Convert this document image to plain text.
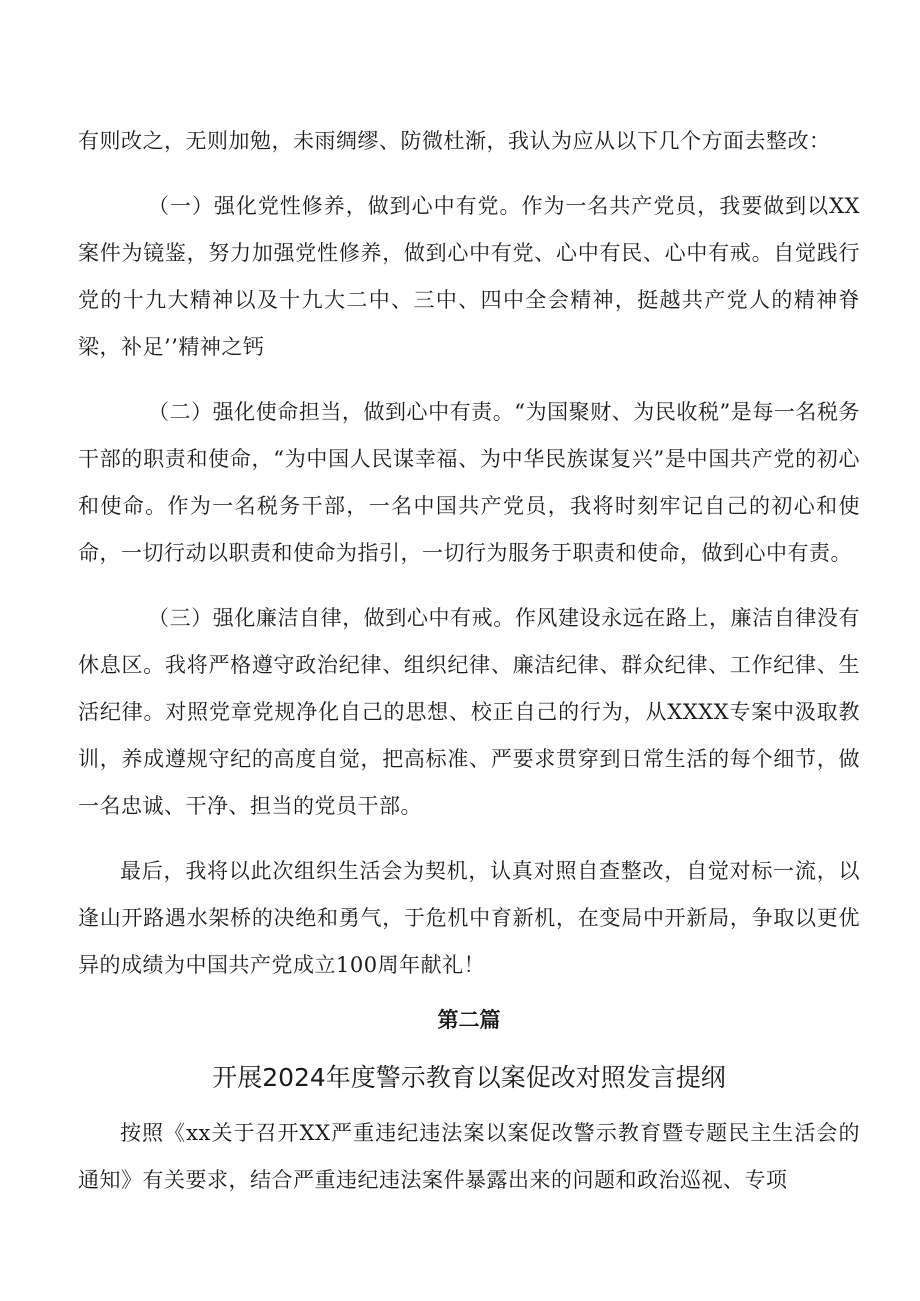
有则改之，无则加勉，未雨绸缪、防微杜渐，我认为应从以下几个方面去整改：

（一）强化党性修养，做到心中有党。作为一名共产党员，我要做到以XX案件为镜鉴，努力加强党性修养，做到心中有党、心中有民、心中有戒。自觉践行党的十九大精神以及十九大二中、三中、四中全会精神，挺越共产党人的精神脊梁，补足’’精神之钙

（二）强化使命担当，做到心中有责。“为国聚财、为民收税”是每一名税务干部的职责和使命，“为中国人民谋幸福、为中华民族谋复兴”是中国共产党的初心和使命。作为一名税务干部，一名中国共产党员，我将时刻牢记自己的初心和使命，一切行动以职责和使命为指引，一切行为服务于职责和使命，做到心中有责。

（三）强化廉洁自律，做到心中有戒。作风建设永远在路上，廉洁自律没有休息区。我将严格遵守政治纪律、组织纪律、廉洁纪律、群众纪律、工作纪律、生活纪律。对照党章党规净化自己的思想、校正自己的行为，从XXXX专案中汲取教训，养成遵规守纪的高度自觉，把高标准、严要求贯穿到日常生活的每个细节，做一名忠诚、干净、担当的党员干部。

最后，我将以此次组织生活会为契机，认真对照自查整改，自觉对标一流，以逢山开路遇水架桥的决绝和勇气，于危机中育新机，在变局中开新局，争取以更优异的成绩为中国共产党成立100周年献礼！

第二篇
开展2024年度警示教育以案促改对照发言提纲

按照《xx关于召开XX严重违纪违法案以案促改警示教育暨专题民主生活会的通知》有关要求，结合严重违纪违法案件暴露出来的问题和政治巡视、专项
